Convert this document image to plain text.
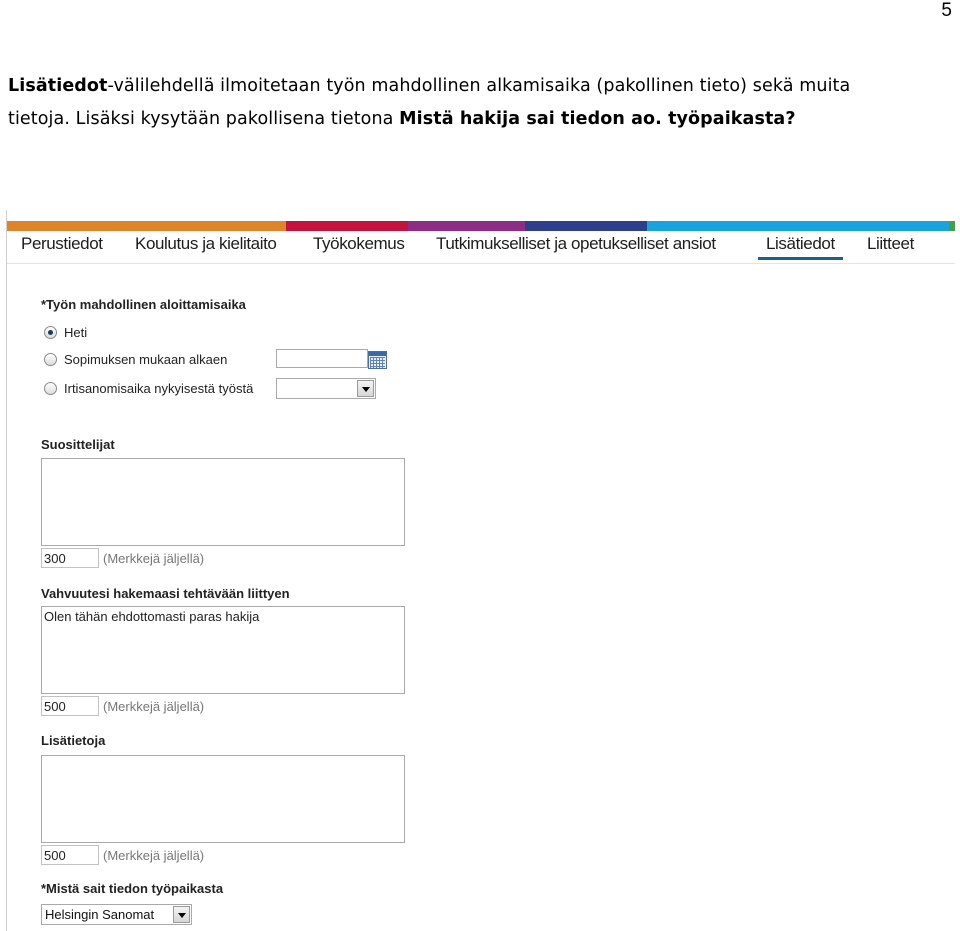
5
Lisätiedot-välilehdellä ilmoitetaan työn mahdollinen alkamisaika (pakollinen tieto) sekä muita
tietoja. Lisäksi kysytään pakollisena tietona Mistä hakija sai tiedon ao. työpaikasta?
Perustiedot Koulutus ja kielitaito Työkokemus Tutkimukselliset ja opetukselliset ansiot	Lisätiedot	Liitteet
*Työn mahdollinen aloittamisaika
Heti
Sopimuksen mukaan alkaen
Irtisanomisaika nykyisestä työstä
Suosittelijat
300	(Merkkejä jäljellä)
Vahvuutesi hakemaasi tehtävään liittyen
Olen tähän ehdottomasti paras hakija
500	(Merkkejä jäljellä)
Lisätietoja
500	(Merkkejä jäljellä)
*Mistä sait tiedon työpaikasta
Helsingin Sanomat
